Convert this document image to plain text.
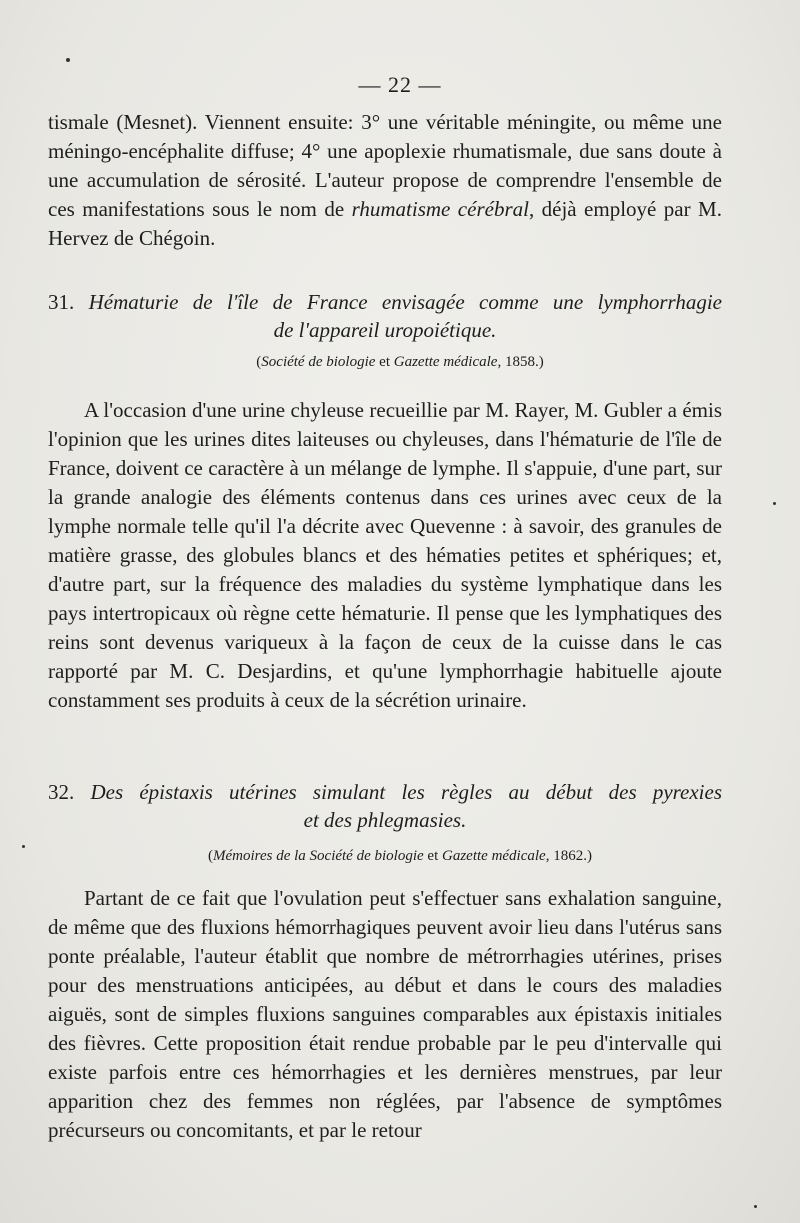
— 22 —

tismale (Mesnet). Viennent ensuite: 3° une véritable méningite, ou même une méningo-encéphalite diffuse; 4° une apoplexie rhumatismale, due sans doute à une accumulation de sérosité. L'auteur propose de comprendre l'ensemble de ces manifestations sous le nom de rhumatisme cérébral, déjà employé par M. Hervez de Chégoin.

31. Hématurie de l'île de France envisagée comme une lymphorrhagie
de l'appareil uropoiétique.
(Société de biologie et Gazette médicale, 1858.)

A l'occasion d'une urine chyleuse recueillie par M. Rayer, M. Gubler a émis l'opinion que les urines dites laiteuses ou chyleuses, dans l'hématurie de l'île de France, doivent ce caractère à un mélange de lymphe. Il s'appuie, d'une part, sur la grande analogie des éléments contenus dans ces urines avec ceux de la lymphe normale telle qu'il l'a décrite avec Quevenne : à savoir, des granules de matière grasse, des globules blancs et des hématies petites et sphériques; et, d'autre part, sur la fréquence des maladies du système lymphatique dans les pays intertropicaux où règne cette hématurie. Il pense que les lymphatiques des reins sont devenus variqueux à la façon de ceux de la cuisse dans le cas rapporté par M. C. Desjardins, et qu'une lymphorrhagie habituelle ajoute constamment ses produits à ceux de la sécrétion urinaire.

32. Des épistaxis utérines simulant les règles au début des pyrexies
et des phlegmasies.
(Mémoires de la Société de biologie et Gazette médicale, 1862.)

Partant de ce fait que l'ovulation peut s'effectuer sans exhalation sanguine, de même que des fluxions hémorrhagiques peuvent avoir lieu dans l'utérus sans ponte préalable, l'auteur établit que nombre de métrorrhagies utérines, prises pour des menstruations anticipées, au début et dans le cours des maladies aiguës, sont de simples fluxions sanguines comparables aux épistaxis initiales des fièvres. Cette proposition était rendue probable par le peu d'intervalle qui existe parfois entre ces hémorrhagies et les dernières menstrues, par leur apparition chez des femmes non réglées, par l'absence de symptômes précurseurs ou concomitants, et par le retour
